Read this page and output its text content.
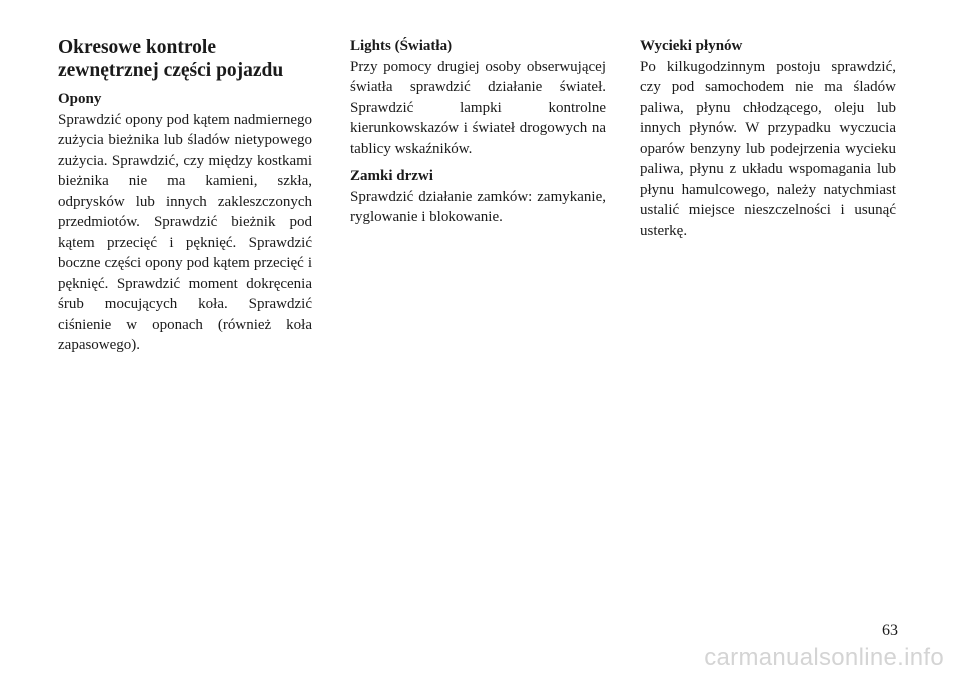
Okresowe kontrole
zewnętrznej części pojazdu
Opony

Sprawdzić opony pod kątem nadmiernego zużycia bieżnika lub śladów nietypowego zużycia. Sprawdzić, czy między kostkami bieżnika nie ma kamieni, szkła, odprysków lub innych zakleszczonych przedmiotów. Sprawdzić bieżnik pod kątem przecięć i pęknięć. Sprawdzić boczne części opony pod kątem przecięć i pęknięć. Sprawdzić moment dokręcenia śrub mocujących koła. Sprawdzić ciśnienie w oponach (również koła zapasowego).

Lights (Światła)

Przy pomocy drugiej osoby obserwującej światła sprawdzić działanie świateł. Sprawdzić lampki kontrolne kierunkowskazów i świateł drogowych na tablicy wskaźników.

Zamki drzwi

Sprawdzić działanie zamków: zamykanie, ryglowanie i blokowanie.

Wycieki płynów

Po kilkugodzinnym postoju sprawdzić, czy pod samochodem nie ma śladów paliwa, płynu chłodzącego, oleju lub innych płynów. W przypadku wyczucia oparów benzyny lub podejrzenia wycieku paliwa, płynu z układu wspomagania lub płynu hamulcowego, należy natychmiast ustalić miejsce nieszczelności i usunąć usterkę.

63
carmanualsonline.info
